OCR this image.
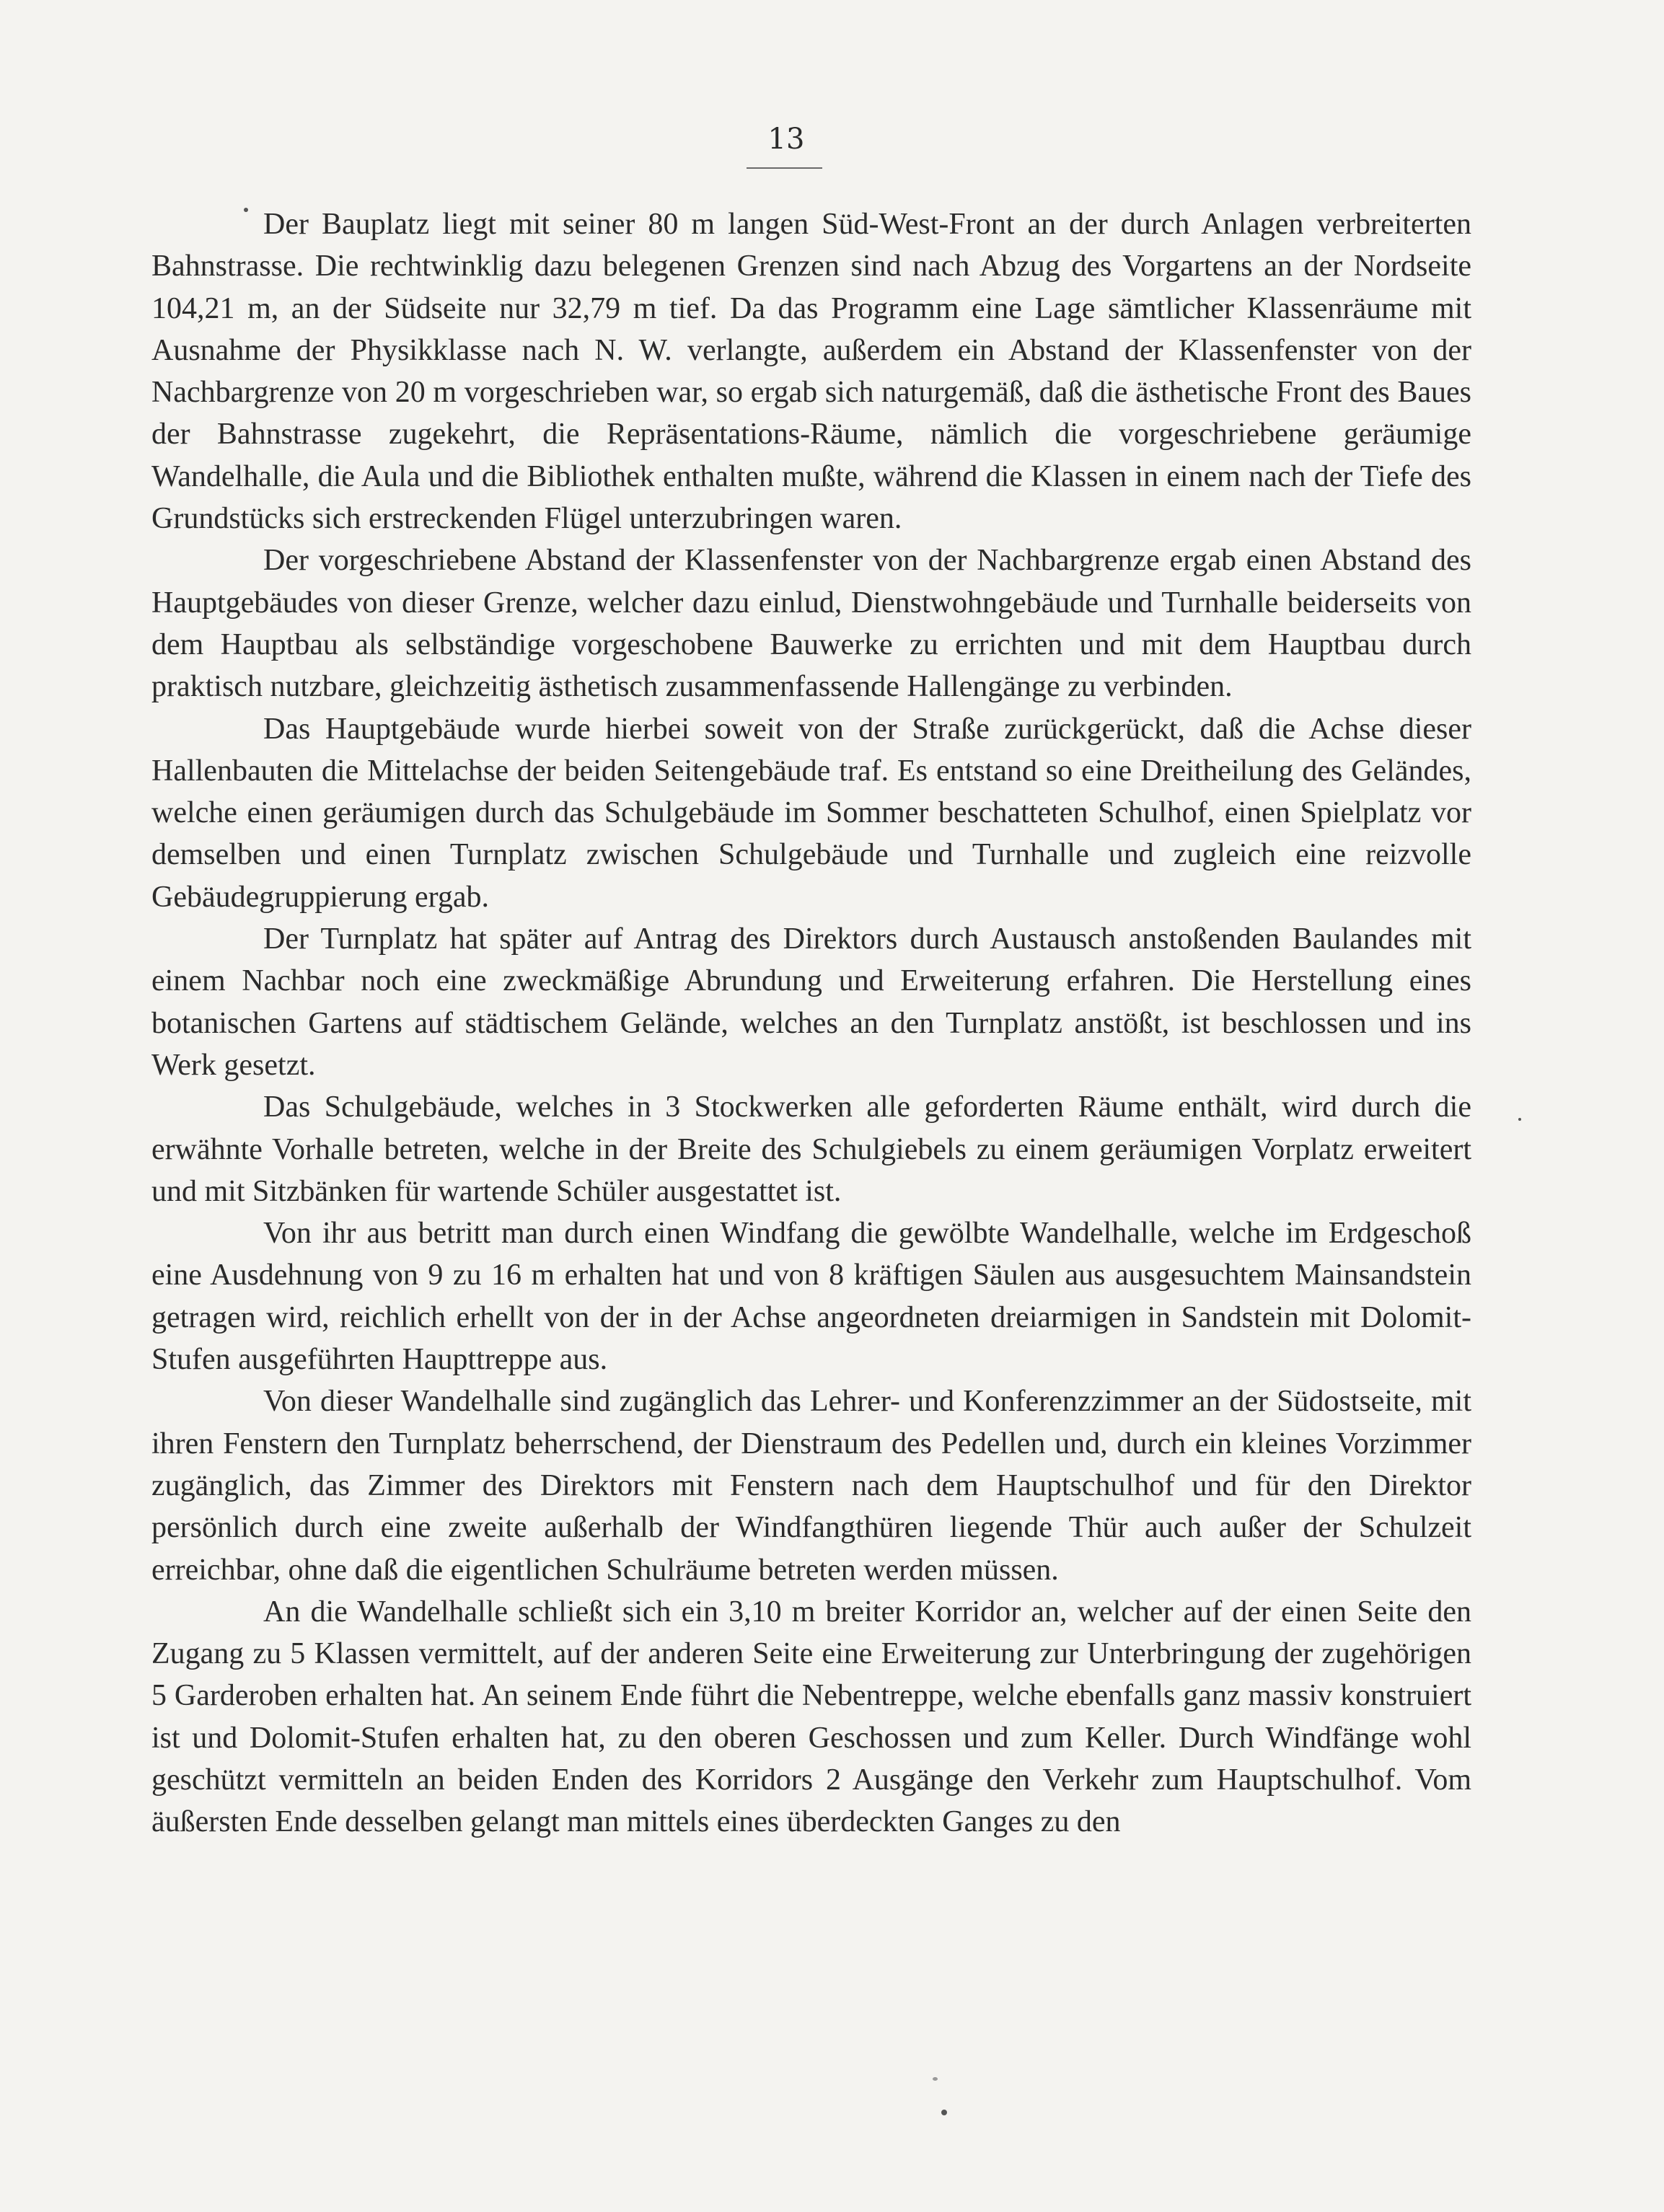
13

Der Bauplatz liegt mit seiner 80 m langen Süd-West-Front an der durch Anlagen verbreiterten Bahnstrasse. Die rechtwinklig dazu belegenen Grenzen sind nach Abzug des Vorgartens an der Nordseite 104,21 m, an der Südseite nur 32,79 m tief. Da das Programm eine Lage sämtlicher Klassenräume mit Ausnahme der Physikklasse nach N. W. verlangte, außerdem ein Abstand der Klassenfenster von der Nachbargrenze von 20 m vorgeschrieben war, so ergab sich naturgemäß, daß die ästhetische Front des Baues der Bahnstrasse zugekehrt, die Repräsentations-Räume, nämlich die vorgeschriebene geräumige Wandelhalle, die Aula und die Bibliothek enthalten mußte, während die Klassen in einem nach der Tiefe des Grundstücks sich erstreckenden Flügel unterzubringen waren.

Der vorgeschriebene Abstand der Klassenfenster von der Nachbargrenze ergab einen Abstand des Hauptgebäudes von dieser Grenze, welcher dazu einlud, Dienstwohngebäude und Turnhalle beiderseits von dem Hauptbau als selbständige vorgeschobene Bauwerke zu errichten und mit dem Hauptbau durch praktisch nutzbare, gleichzeitig ästhetisch zusammenfassende Hallengänge zu verbinden.

Das Hauptgebäude wurde hierbei soweit von der Straße zurückgerückt, daß die Achse dieser Hallenbauten die Mittelachse der beiden Seitengebäude traf. Es entstand so eine Dreitheilung des Geländes, welche einen geräumigen durch das Schulgebäude im Sommer beschatteten Schulhof, einen Spielplatz vor demselben und einen Turnplatz zwischen Schulgebäude und Turnhalle und zugleich eine reizvolle Gebäudegruppierung ergab.

Der Turnplatz hat später auf Antrag des Direktors durch Austausch anstoßenden Baulandes mit einem Nachbar noch eine zweckmäßige Abrundung und Erweiterung erfahren. Die Herstellung eines botanischen Gartens auf städtischem Gelände, welches an den Turnplatz anstößt, ist beschlossen und ins Werk gesetzt.

Das Schulgebäude, welches in 3 Stockwerken alle geforderten Räume enthält, wird durch die erwähnte Vorhalle betreten, welche in der Breite des Schulgiebels zu einem geräumigen Vorplatz erweitert und mit Sitzbänken für wartende Schüler ausgestattet ist.

Von ihr aus betritt man durch einen Windfang die gewölbte Wandelhalle, welche im Erdgeschoß eine Ausdehnung von 9 zu 16 m erhalten hat und von 8 kräftigen Säulen aus ausgesuchtem Mainsandstein getragen wird, reichlich erhellt von der in der Achse angeordneten dreiarmigen in Sandstein mit Dolomit-Stufen ausgeführten Haupttreppe aus.

Von dieser Wandelhalle sind zugänglich das Lehrer- und Konferenzzimmer an der Südostseite, mit ihren Fenstern den Turnplatz beherrschend, der Dienstraum des Pedellen und, durch ein kleines Vorzimmer zugänglich, das Zimmer des Direktors mit Fenstern nach dem Hauptschulhof und für den Direktor persönlich durch eine zweite außerhalb der Windfangthüren liegende Thür auch außer der Schulzeit erreichbar, ohne daß die eigentlichen Schulräume betreten werden müssen.

An die Wandelhalle schließt sich ein 3,10 m breiter Korridor an, welcher auf der einen Seite den Zugang zu 5 Klassen vermittelt, auf der anderen Seite eine Erweiterung zur Unterbringung der zugehörigen 5 Garderoben erhalten hat. An seinem Ende führt die Nebentreppe, welche ebenfalls ganz massiv konstruiert ist und Dolomit-Stufen erhalten hat, zu den oberen Geschossen und zum Keller. Durch Windfänge wohl geschützt vermitteln an beiden Enden des Korridors 2 Ausgänge den Verkehr zum Hauptschulhof. Vom äußersten Ende desselben gelangt man mittels eines überdeckten Ganges zu den
